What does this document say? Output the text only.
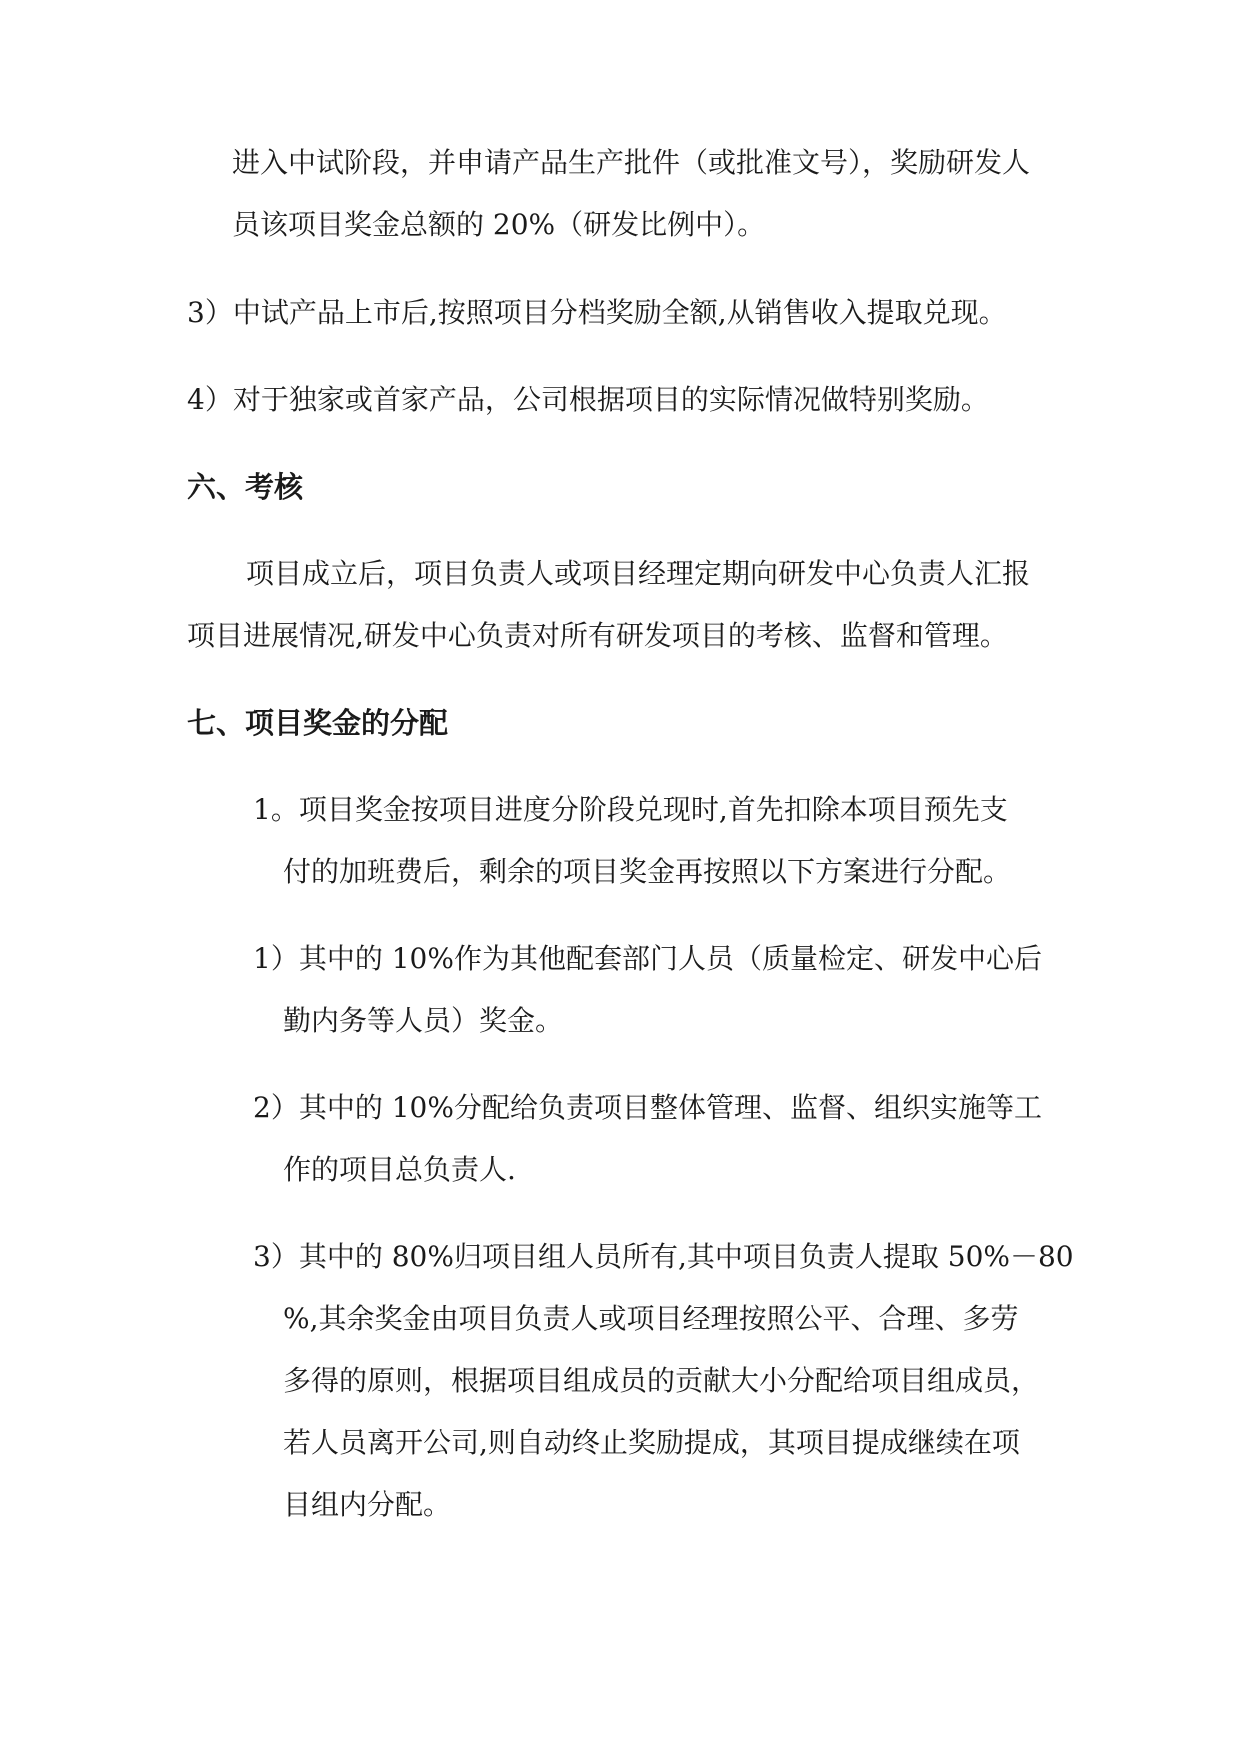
进入中试阶段，并申请产品生产批件（或批准文号），奖励研发人
员该项目奖金总额的 20%（研发比例中）。
3）中试产品上市后,按照项目分档奖励全额,从销售收入提取兑现。
4）对于独家或首家产品，公司根据项目的实际情况做特别奖励。
六、考核
项目成立后，项目负责人或项目经理定期向研发中心负责人汇报
项目进展情况,研发中心负责对所有研发项目的考核、监督和管理。
七、项目奖金的分配
1。项目奖金按项目进度分阶段兑现时,首先扣除本项目预先支
付的加班费后，剩余的项目奖金再按照以下方案进行分配。
1）其中的 10%作为其他配套部门人员（质量检定、研发中心后
勤内务等人员）奖金。
2）其中的 10%分配给负责项目整体管理、监督、组织实施等工
作的项目总负责人.
3）其中的 80%归项目组人员所有,其中项目负责人提取 50%－80
%,其余奖金由项目负责人或项目经理按照公平、合理、多劳
多得的原则，根据项目组成员的贡献大小分配给项目组成员，
若人员离开公司,则自动终止奖励提成，其项目提成继续在项
目组内分配。
